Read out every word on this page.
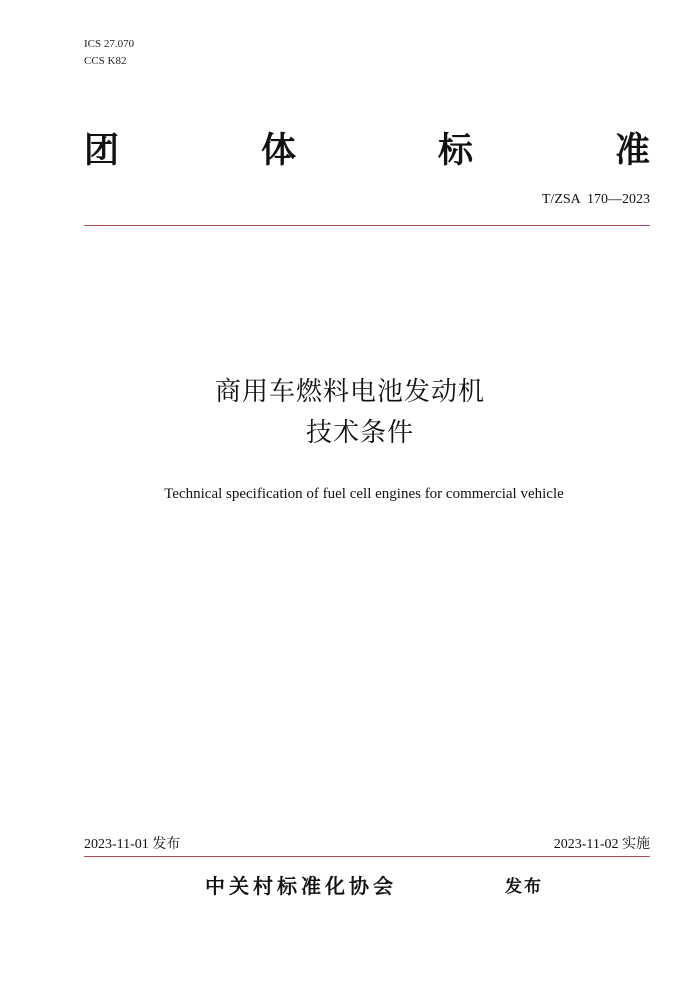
ICS 27.070
CCS K82
团	体	标	准
T/ZSA  170—2023
商用车燃料电池发动机
技术条件
Technical specification of fuel cell engines for commercial vehicle
2023-11-01 发布	2023-11-02 实施
中关村标准化协会	发布
